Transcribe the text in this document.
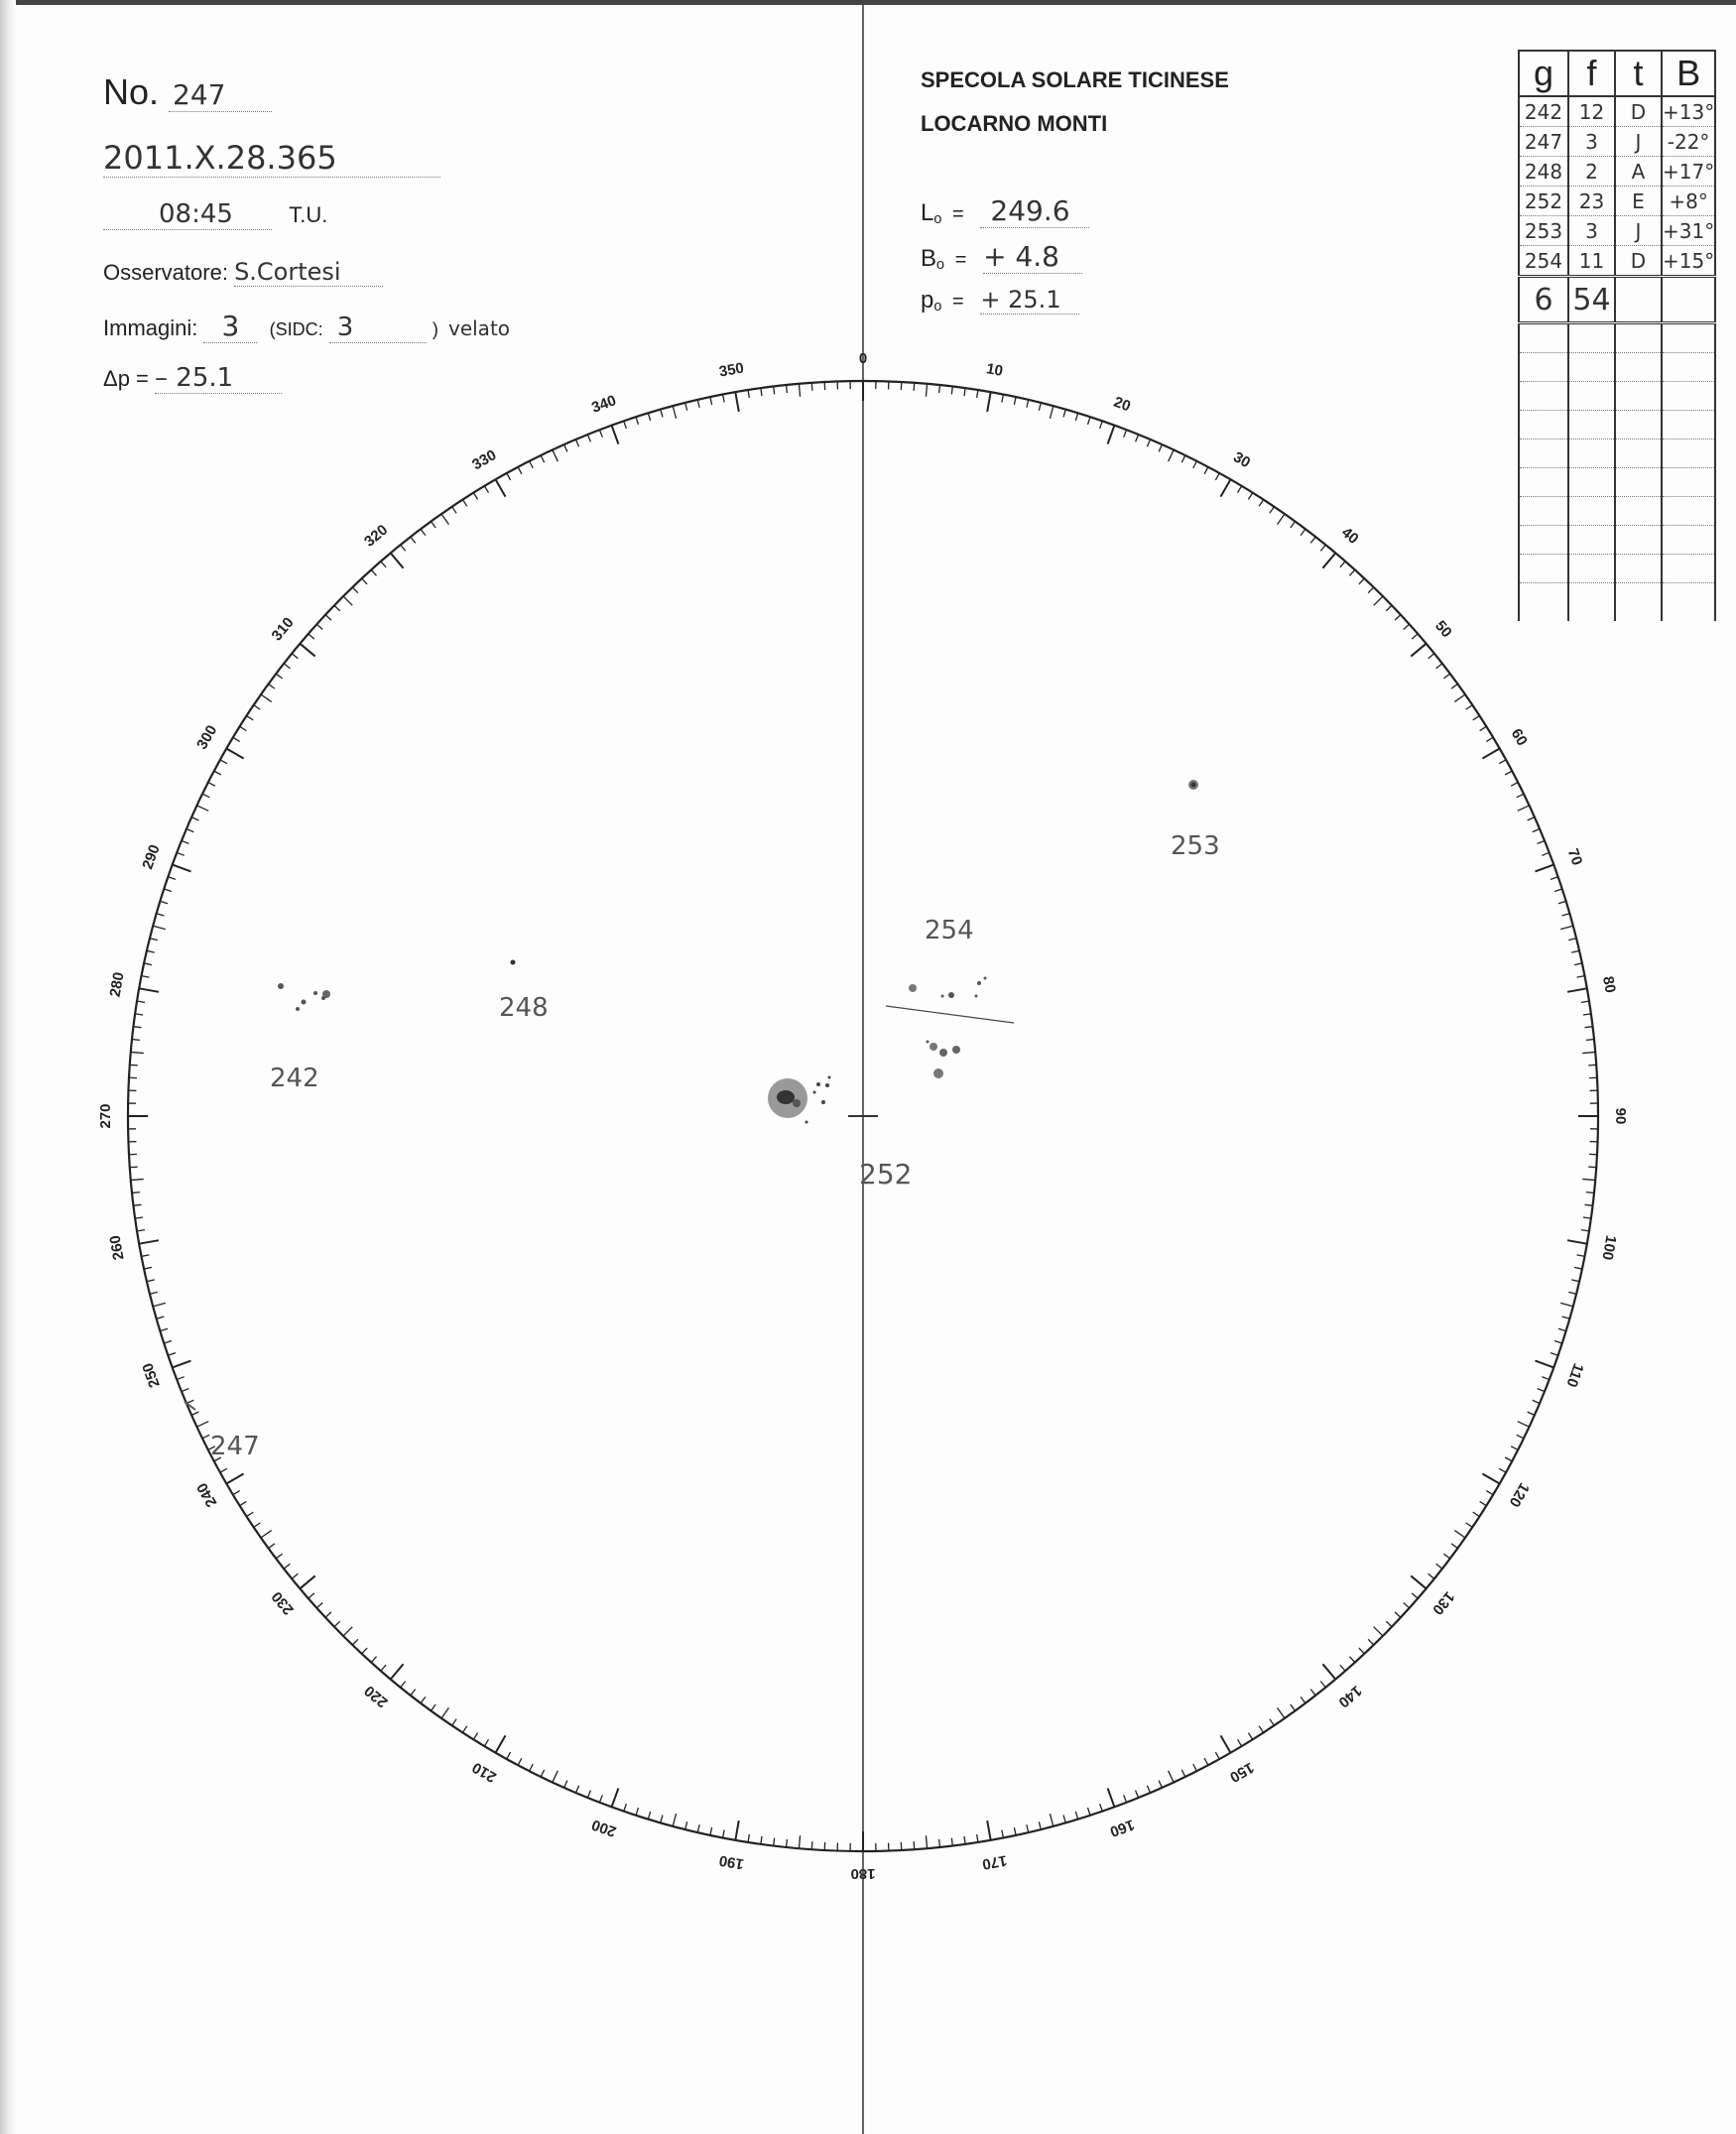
No. 247
2011.X.28.365
08:45	T.U.
Osservatore: S.Cortesi
Immagini: 3 (SIDC: 3	) velato
Δp = – 25.1
SPECOLA SOLARE TICINESE
LOCARNO MONTI
Lo = 249.6
Bo = + 4.8
po = + 25.1
g	f	t	B
242	12	D	+13°
247	3	J	-22°
248	2	A	+17°
252	23	E	+8°
253	3	J	+31°
254	11	D	+15°
6	54		

0
10
20
30
40
50
60
70
80
90
100
110
120
130
140
150
160
170
180
190
200
210
220
230
240
250
260
270
280
290
300
310
320
330
340
350
242
248
254
253
252
247
